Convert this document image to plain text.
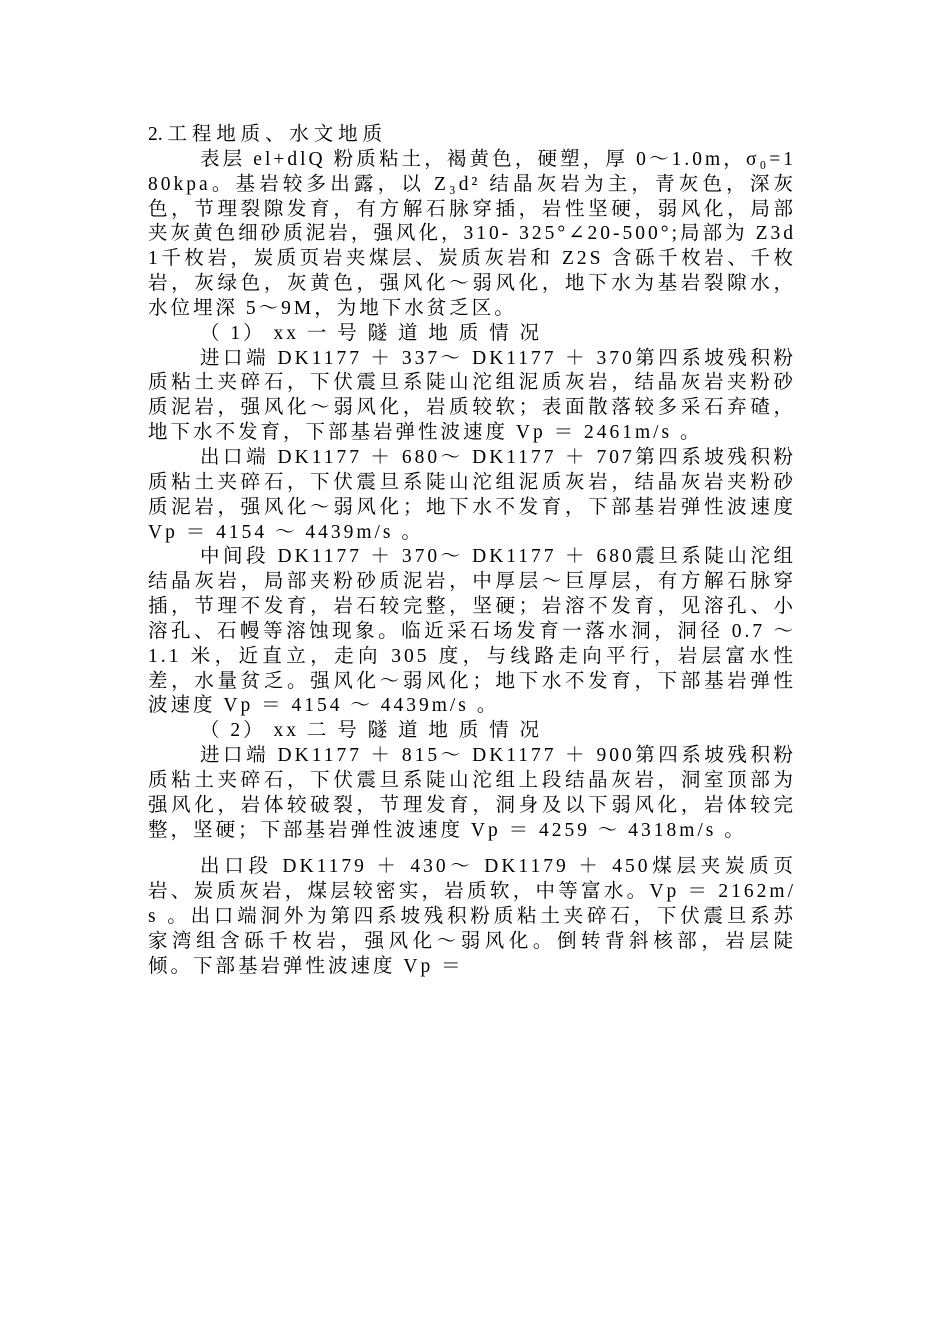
2. 工 程 地 质 、 水 文 地 质

表层 el+dlQ 粉质粘土，褐黄色，硬塑，厚 0～1.0m，σ₀=180kpa。基岩较多出露，以 Z₃d² 结晶灰岩为主，青灰色，深灰色，节理裂隙发育，有方解石脉穿插，岩性坚硬，弱风化，局部夹灰黄色细砂质泥岩，强风化，310- 325°∠20-500°;局部为 Z3d1千枚岩，炭质页岩夹煤层、炭质灰岩和 Z2S 含砾千枚岩、千枚岩，灰绿色，灰黄色，强风化～弱风化，地下水为基岩裂隙水，水位埋深 5～9M，为地下水贫乏区。

（ 1） xx 一 号 隧 道 地 质 情 况

进口端 DK1177 ＋ 337～ DK1177 ＋ 370第四系坡残积粉质粘土夹碎石，下伏震旦系陡山沱组泥质灰岩，结晶灰岩夹粉砂质泥岩，强风化～弱风化，岩质较软；表面散落较多采石弃碴，地下水不发育，下部基岩弹性波速度 Vp ＝ 2461m/s 。

出口端 DK1177 ＋ 680～ DK1177 ＋ 707第四系坡残积粉质粘土夹碎石，下伏震旦系陡山沱组泥质灰岩，结晶灰岩夹粉砂质泥岩，强风化～弱风化；地下水不发育，下部基岩弹性波速度 Vp ＝ 4154 ～ 4439m/s 。

中间段 DK1177 ＋ 370～ DK1177 ＋ 680震旦系陡山沱组结晶灰岩，局部夹粉砂质泥岩，中厚层～巨厚层，有方解石脉穿插，节理不发育，岩石较完整，坚硬；岩溶不发育，见溶孔、小溶孔、石幔等溶蚀现象。临近采石场发育一落水洞，洞径 0.7 ～ 1.1 米，近直立，走向 305 度，与线路走向平行，岩层富水性差，水量贫乏。强风化～弱风化；地下水不发育，下部基岩弹性波速度 Vp ＝ 4154 ～ 4439m/s 。

（ 2） xx 二 号 隧 道 地 质 情 况

进口端 DK1177 ＋ 815～ DK1177 ＋ 900第四系坡残积粉质粘土夹碎石，下伏震旦系陡山沱组上段结晶灰岩，洞室顶部为强风化，岩体较破裂，节理发育，洞身及以下弱风化，岩体较完整，坚硬；下部基岩弹性波速度 Vp ＝ 4259 ～ 4318m/s 。

出口段 DK1179 ＋ 430～ DK1179 ＋ 450煤层夹炭质页岩、炭质灰岩，煤层较密实，岩质软，中等富水。Vp ＝ 2162m/s 。出口端洞外为第四系坡残积粉质粘土夹碎石，下伏震旦系苏家湾组含砾千枚岩，强风化～弱风化。倒转背斜核部，岩层陡倾。下部基岩弹性波速度 Vp ＝
